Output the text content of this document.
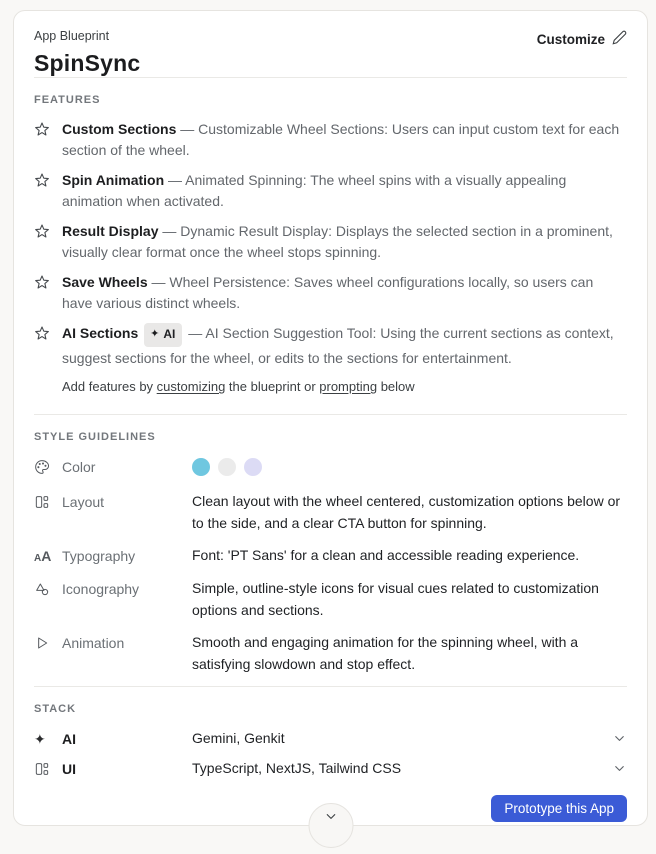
App Blueprint
SpinSync
Customize
FEATURES

Custom Sections — Customizable Wheel Sections: Users can input custom text for each section of the wheel.

Spin Animation — Animated Spinning: The wheel spins with a visually appealing animation when activated.

Result Display — Dynamic Result Display: Displays the selected section in a prominent, visually clear format once the wheel stops spinning.

Save Wheels — Wheel Persistence: Saves wheel configurations locally, so users can have various distinct wheels.

AI Sections ✦ AI — AI Section Suggestion Tool: Using the current sections as context, suggest sections for the wheel, or edits to the sections for entertainment.

Add features by customizing the blueprint or prompting below

STYLE GUIDELINES
Color
Layout	Clean layout with the wheel centered, customization options below or to the side, and a clear CTA button for spinning.
AA Typography	Font: 'PT Sans' for a clean and accessible reading experience.
Iconography	Simple, outline-style icons for visual cues related to customization options and sections.
Animation	Smooth and engaging animation for the spinning wheel, with a satisfying slowdown and stop effect.
STACK
✦	AI	Gemini, Genkit
UI	TypeScript, NextJS, Tailwind CSS
Prototype this App
